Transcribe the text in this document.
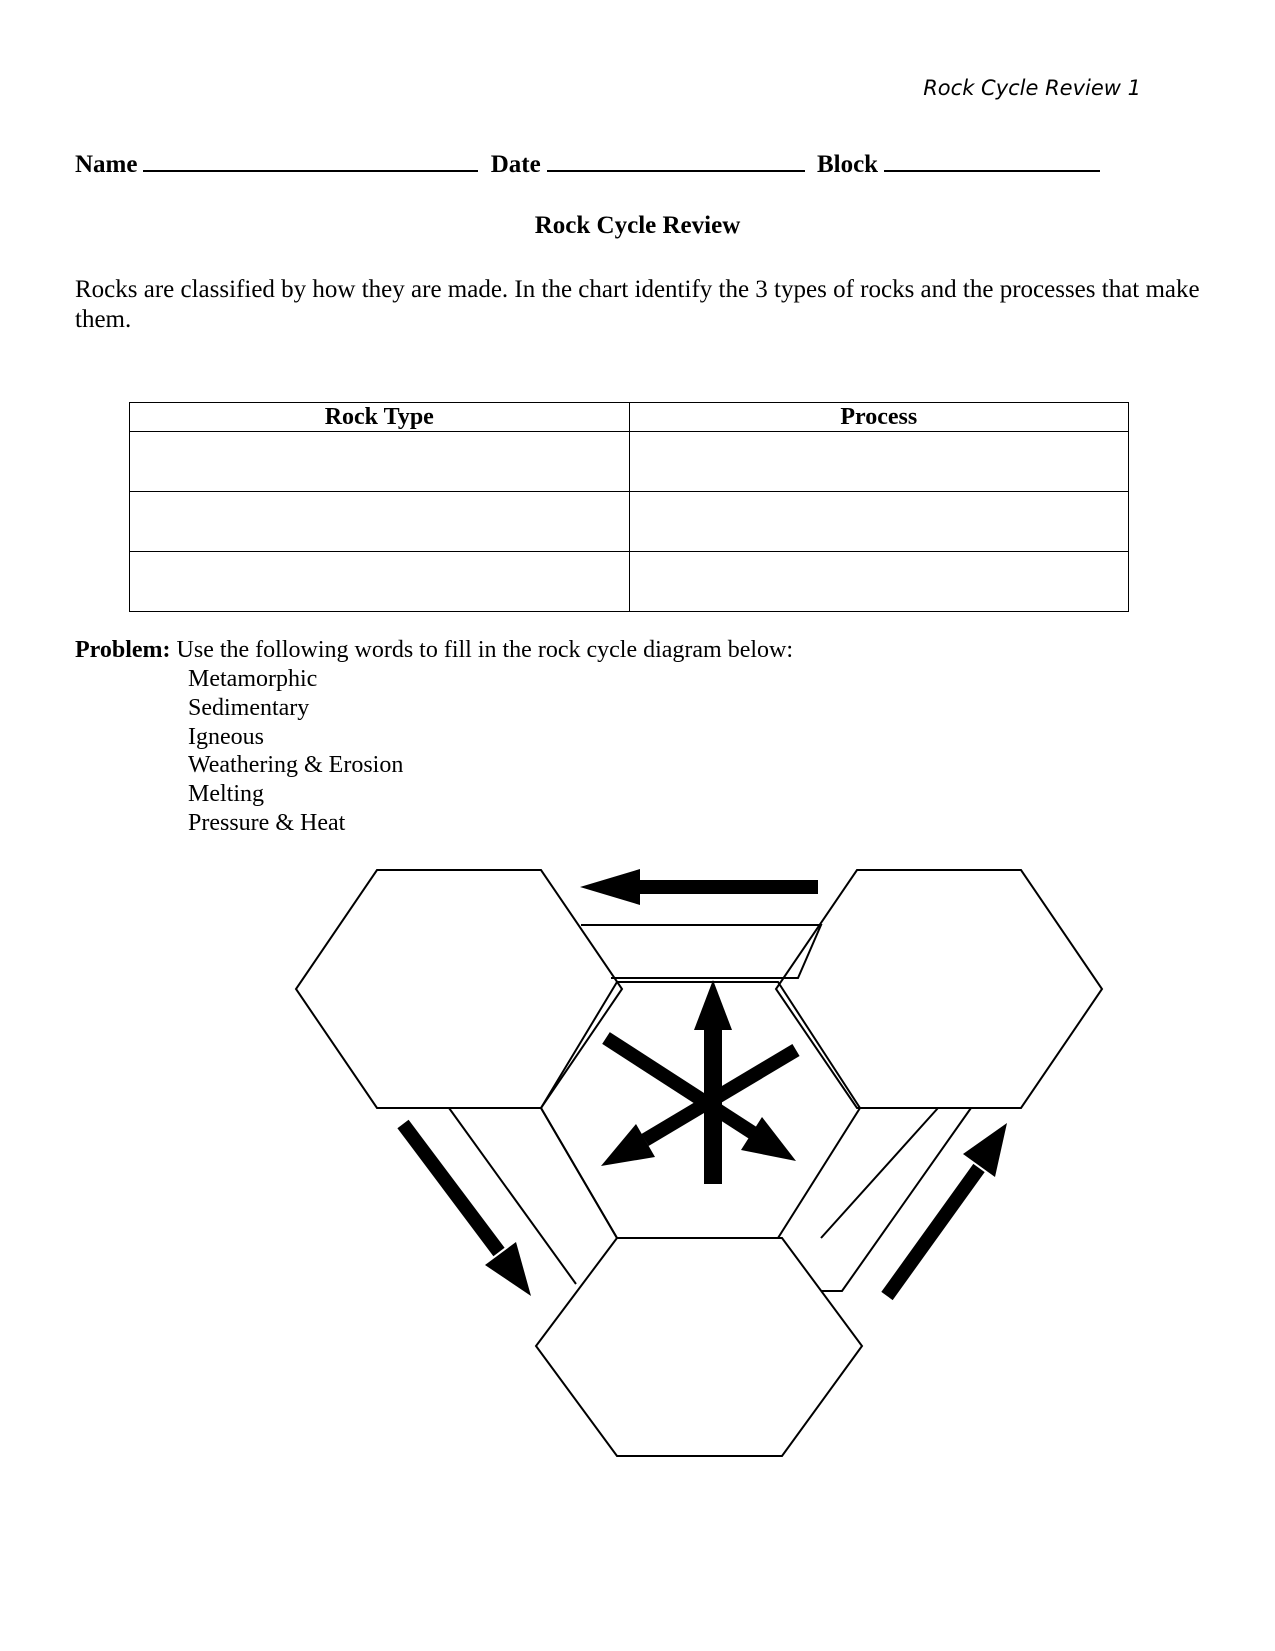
Rock Cycle Review 1
Name	Date	Block
Rock Cycle Review
Rocks are classified by how they are made. In the chart identify the 3 types of rocks and the processes that make them.
Rock Type	Process

Problem: Use the following words to fill in the rock cycle diagram below:
Metamorphic
Sedimentary
Igneous
Weathering & Erosion
Melting
Pressure & Heat
